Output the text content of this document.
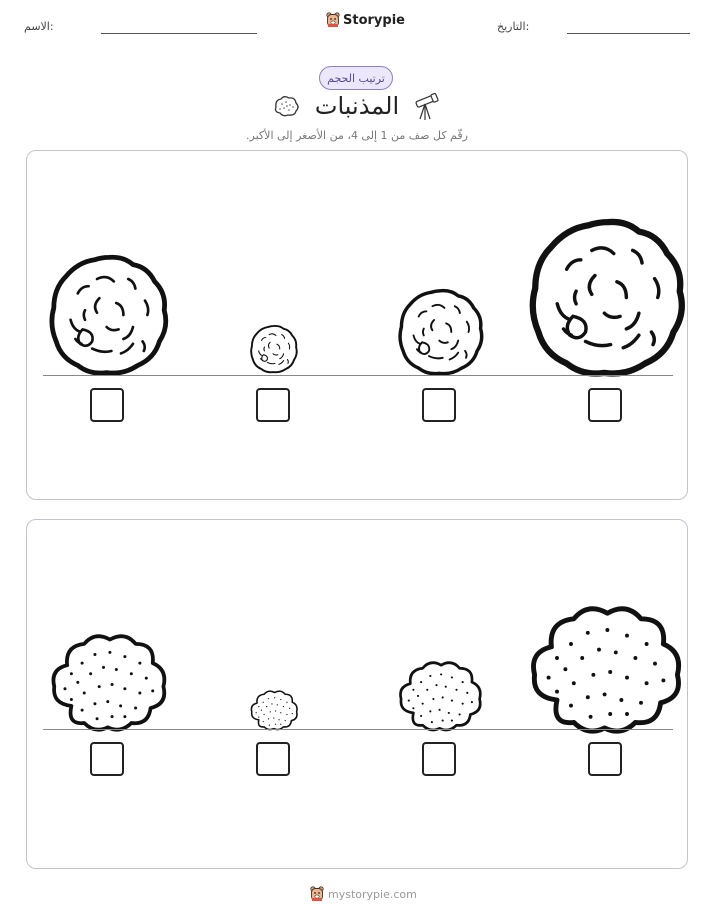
الاسم:	Storypie	التاريخ:
ترتيب الحجم
المذنبات
رقّم كل صف من 1 إلى 4، من الأصغر إلى الأكبر.
mystorypie.com
